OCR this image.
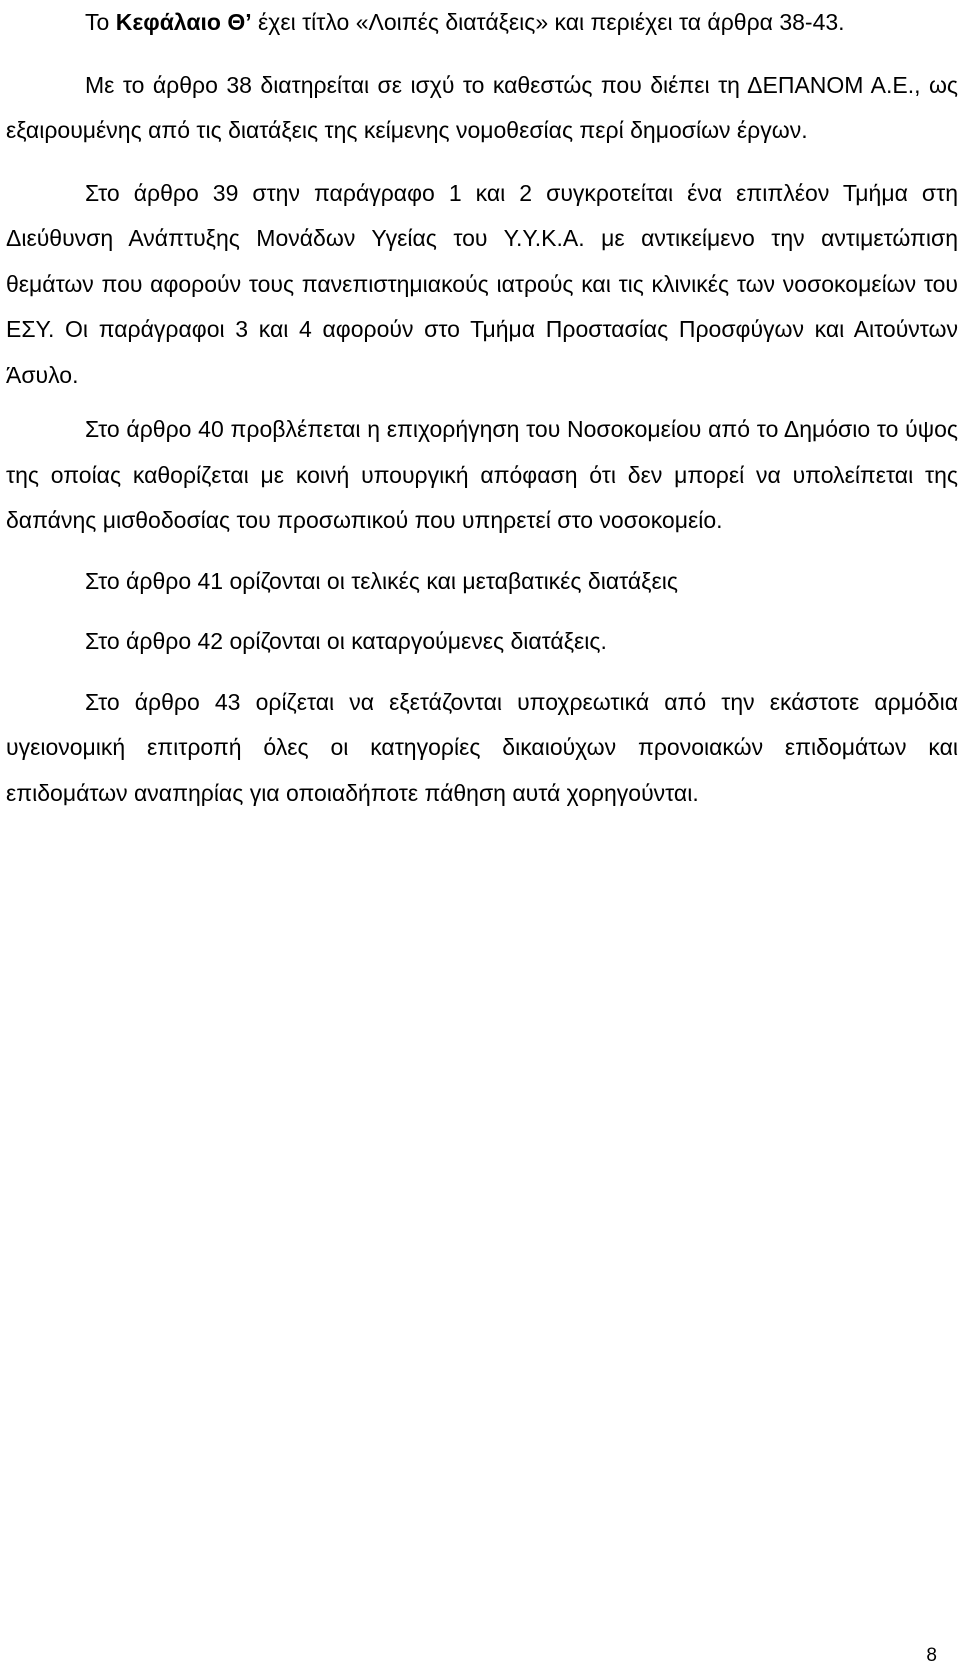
Το Κεφάλαιο Θ’ έχει τίτλο «Λοιπές διατάξεις» και περιέχει τα άρθρα 38-43.

Με το άρθρο 38 διατηρείται σε ισχύ το καθεστώς που διέπει τη ΔΕΠΑΝΟΜ Α.Ε., ως εξαιρουμένης από τις διατάξεις της κείμενης νομοθεσίας περί δημοσίων έργων.

Στο άρθρο 39 στην παράγραφο 1 και 2 συγκροτείται ένα επιπλέον Τμήμα στη Διεύθυνση Ανάπτυξης Μονάδων Υγείας του Υ.Υ.Κ.Α. με αντικείμενο την αντιμετώπιση θεμάτων που αφορούν τους πανεπιστημιακούς ιατρούς και τις κλινικές των νοσοκομείων του ΕΣΥ. Οι παράγραφοι 3 και 4 αφορούν στο Τμήμα Προστασίας Προσφύγων και Αιτούντων Άσυλο.

Στο άρθρο 40 προβλέπεται η επιχορήγηση του Νοσοκομείου από το Δημόσιο το ύψος της οποίας καθορίζεται με κοινή υπουργική απόφαση ότι δεν μπορεί να υπολείπεται της δαπάνης μισθοδοσίας του προσωπικού που υπηρετεί στο νοσοκομείο.

Στο άρθρο 41 ορίζονται οι τελικές και μεταβατικές διατάξεις

Στο άρθρο 42 ορίζονται οι καταργούμενες διατάξεις.

Στο άρθρο 43 ορίζεται να εξετάζονται υποχρεωτικά από την εκάστοτε αρμόδια υγειονομική επιτροπή όλες οι κατηγορίες δικαιούχων προνοιακών επιδομάτων και επιδομάτων αναπηρίας για οποιαδήποτε πάθηση αυτά χορηγούνται.

8
